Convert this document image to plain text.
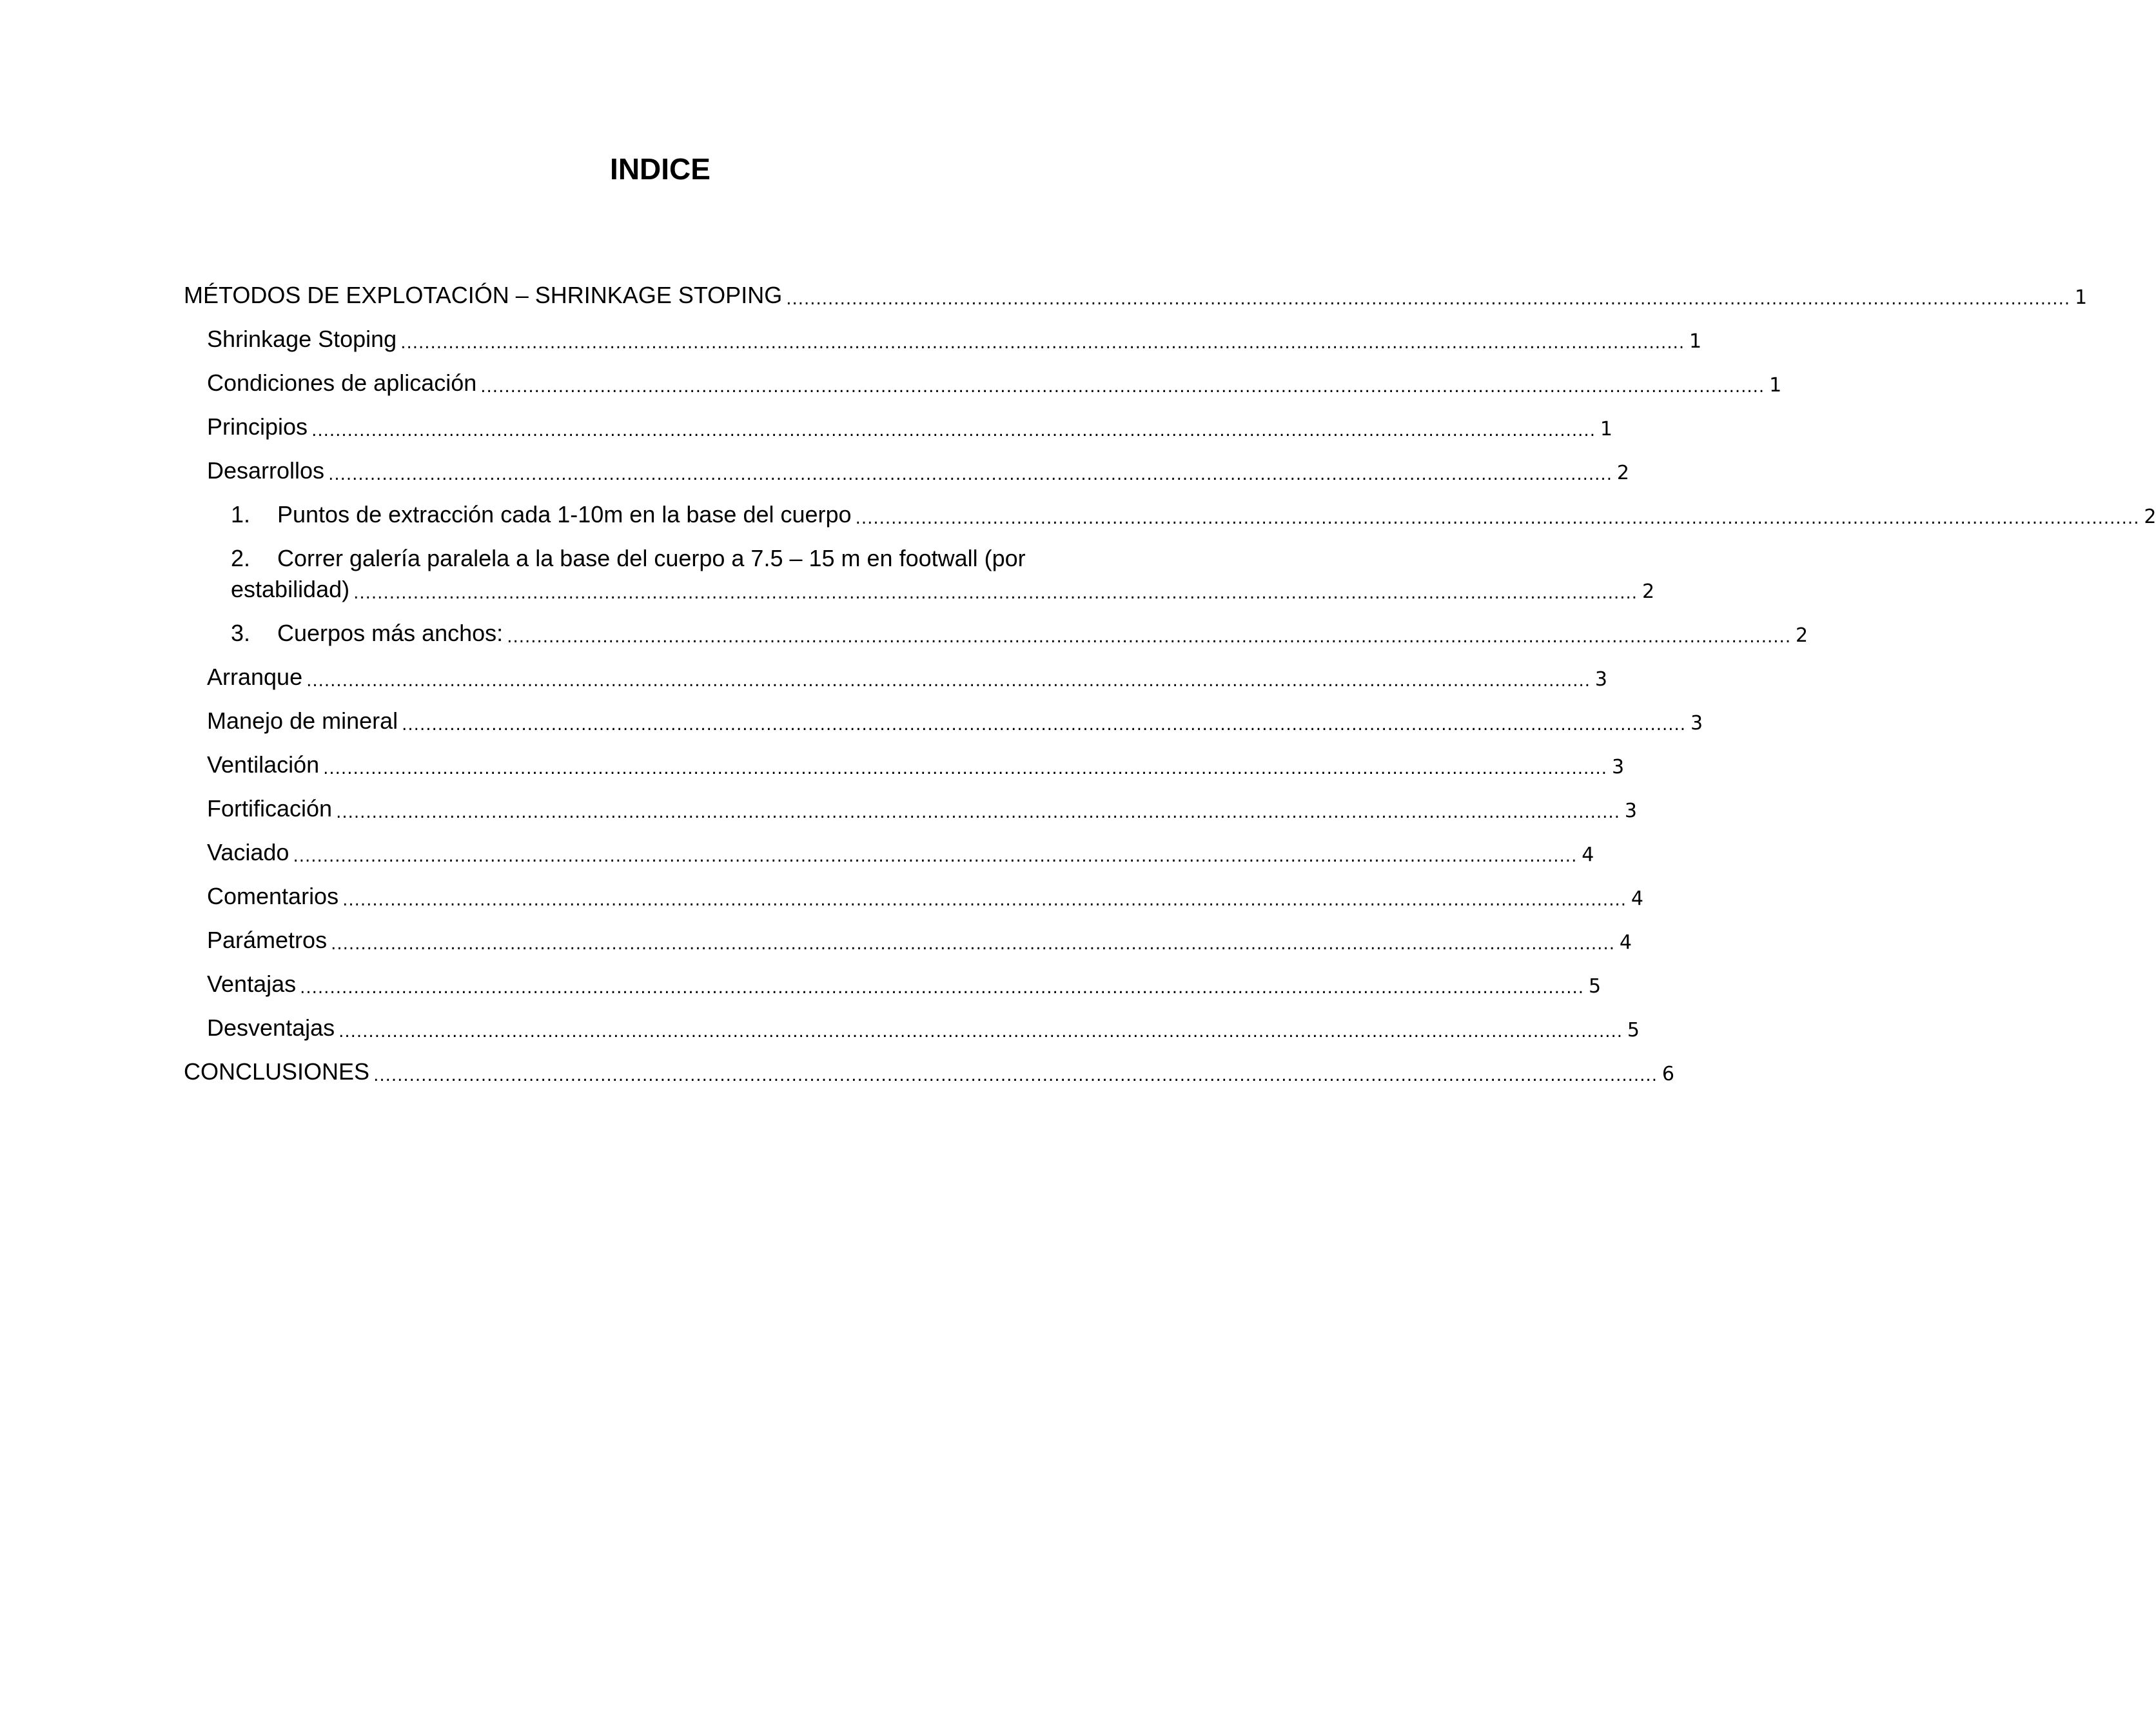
INDICE
MÉTODOS DE EXPLOTACIÓN – SHRINKAGE STOPING ....................................................................................................................................................................................................................... 1
Shrinkage Stoping ....................................................................................................................................................................................................................... 1
Condiciones de aplicación ....................................................................................................................................................................................................................... 1
Principios ....................................................................................................................................................................................................................... 1
Desarrollos ....................................................................................................................................................................................................................... 2
1. Puntos de extracción cada 1-10m en la base del cuerpo ....................................................................................................................................................................................................................... 2
2. Correr galería paralela a la base del cuerpo a 7.5 – 15 m en footwall (por
estabilidad) ....................................................................................................................................................................................................................... 2
3. Cuerpos más anchos: ....................................................................................................................................................................................................................... 2
Arranque ....................................................................................................................................................................................................................... 3
Manejo de mineral ....................................................................................................................................................................................................................... 3
Ventilación ....................................................................................................................................................................................................................... 3
Fortificación ....................................................................................................................................................................................................................... 3
Vaciado ....................................................................................................................................................................................................................... 4
Comentarios ....................................................................................................................................................................................................................... 4
Parámetros ....................................................................................................................................................................................................................... 4
Ventajas ....................................................................................................................................................................................................................... 5
Desventajas ....................................................................................................................................................................................................................... 5
CONCLUSIONES ....................................................................................................................................................................................................................... 6
